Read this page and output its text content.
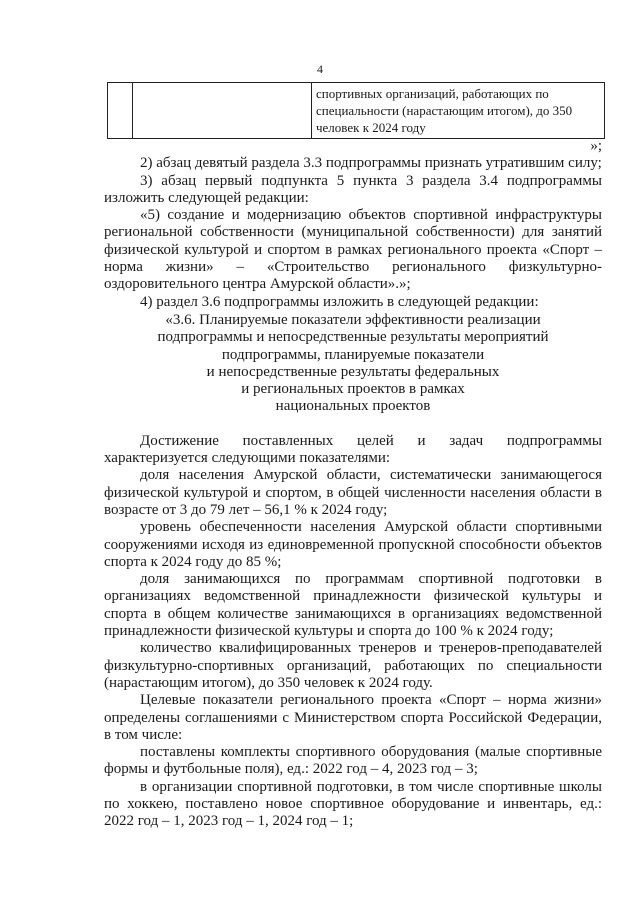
4
		спортивных организаций, работающих по специальности (нарастающим итогом), до 350 человек к 2024 году

»;

2) абзац девятый раздела 3.3 подпрограммы признать утратившим силу;

3) абзац первый подпункта 5 пункта 3 раздела 3.4 подпрограммы изложить следующей редакции:

«5) создание и модернизацию объектов спортивной инфраструктуры региональной собственности (муниципальной собственности) для занятий физической культурой и спортом в рамках регионального проекта «Спорт – норма жизни» – «Строительство регионального физкультурно-оздоровительного центра Амурской области».»;

4) раздел 3.6 подпрограммы изложить в следующей редакции:

«3.6. Планируемые показатели эффективности реализации

подпрограммы и непосредственные результаты мероприятий

подпрограммы, планируемые показатели

и непосредственные результаты федеральных

и региональных проектов в рамках

национальных проектов

Достижение поставленных целей и задач подпрограммы характеризуется следующими показателями:

доля населения Амурской области, систематически занимающегося физической культурой и спортом, в общей численности населения области в возрасте от 3 до 79 лет – 56,1 % к 2024 году;

уровень обеспеченности населения Амурской области спортивными сооружениями исходя из единовременной пропускной способности объектов спорта к 2024 году до 85 %;

доля занимающихся по программам спортивной подготовки в организациях ведомственной принадлежности физической культуры и спорта в общем количестве занимающихся в организациях ведомственной принадлежности физической культуры и спорта до 100 % к 2024 году;

количество квалифицированных тренеров и тренеров-преподавателей физкультурно-спортивных организаций, работающих по специальности (нарастающим итогом), до 350 человек к 2024 году.

Целевые показатели регионального проекта «Спорт – норма жизни» определены соглашениями с Министерством спорта Российской Федерации, в том числе:

поставлены комплекты спортивного оборудования (малые спортивные формы и футбольные поля), ед.: 2022 год – 4, 2023 год – 3;

в организации спортивной подготовки, в том числе спортивные школы по хоккею, поставлено новое спортивное оборудование и инвентарь, ед.: 2022 год – 1, 2023 год – 1, 2024 год – 1;
